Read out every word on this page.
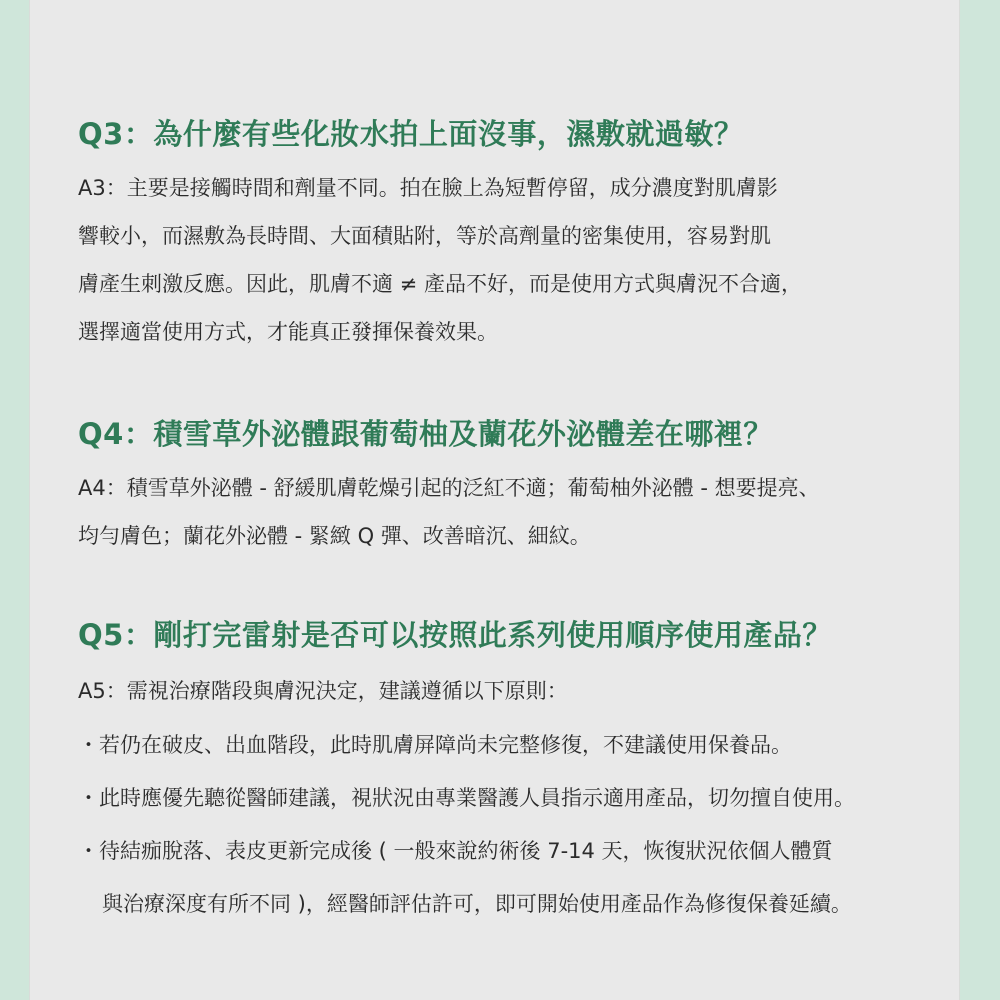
Q3：為什麼有些化妝水拍上面沒事，濕敷就過敏？

A3：主要是接觸時間和劑量不同。拍在臉上為短暫停留，成分濃度對肌膚影

響較小，而濕敷為長時間、大面積貼附，等於高劑量的密集使用，容易對肌

膚產生刺激反應。因此，肌膚不適 ≠ 產品不好，而是使用方式與膚況不合適，

選擇適當使用方式，才能真正發揮保養效果。

Q4：積雪草外泌體跟葡萄柚及蘭花外泌體差在哪裡？

A4：積雪草外泌體 - 舒緩肌膚乾燥引起的泛紅不適；葡萄柚外泌體 - 想要提亮、

均勻膚色；蘭花外泌體 - 緊緻 Q 彈、改善暗沉、細紋。

Q5：剛打完雷射是否可以按照此系列使用順序使用產品？

A5：需視治療階段與膚況決定，建議遵循以下原則：

・若仍在破皮、出血階段，此時肌膚屏障尚未完整修復，不建議使用保養品。

・此時應優先聽從醫師建議，視狀況由專業醫護人員指示適用產品，切勿擅自使用。

・待結痂脫落、表皮更新完成後 ( 一般來說約術後 7-14 天，恢復狀況依個人體質

與治療深度有所不同 )，經醫師評估許可，即可開始使用產品作為修復保養延續。
